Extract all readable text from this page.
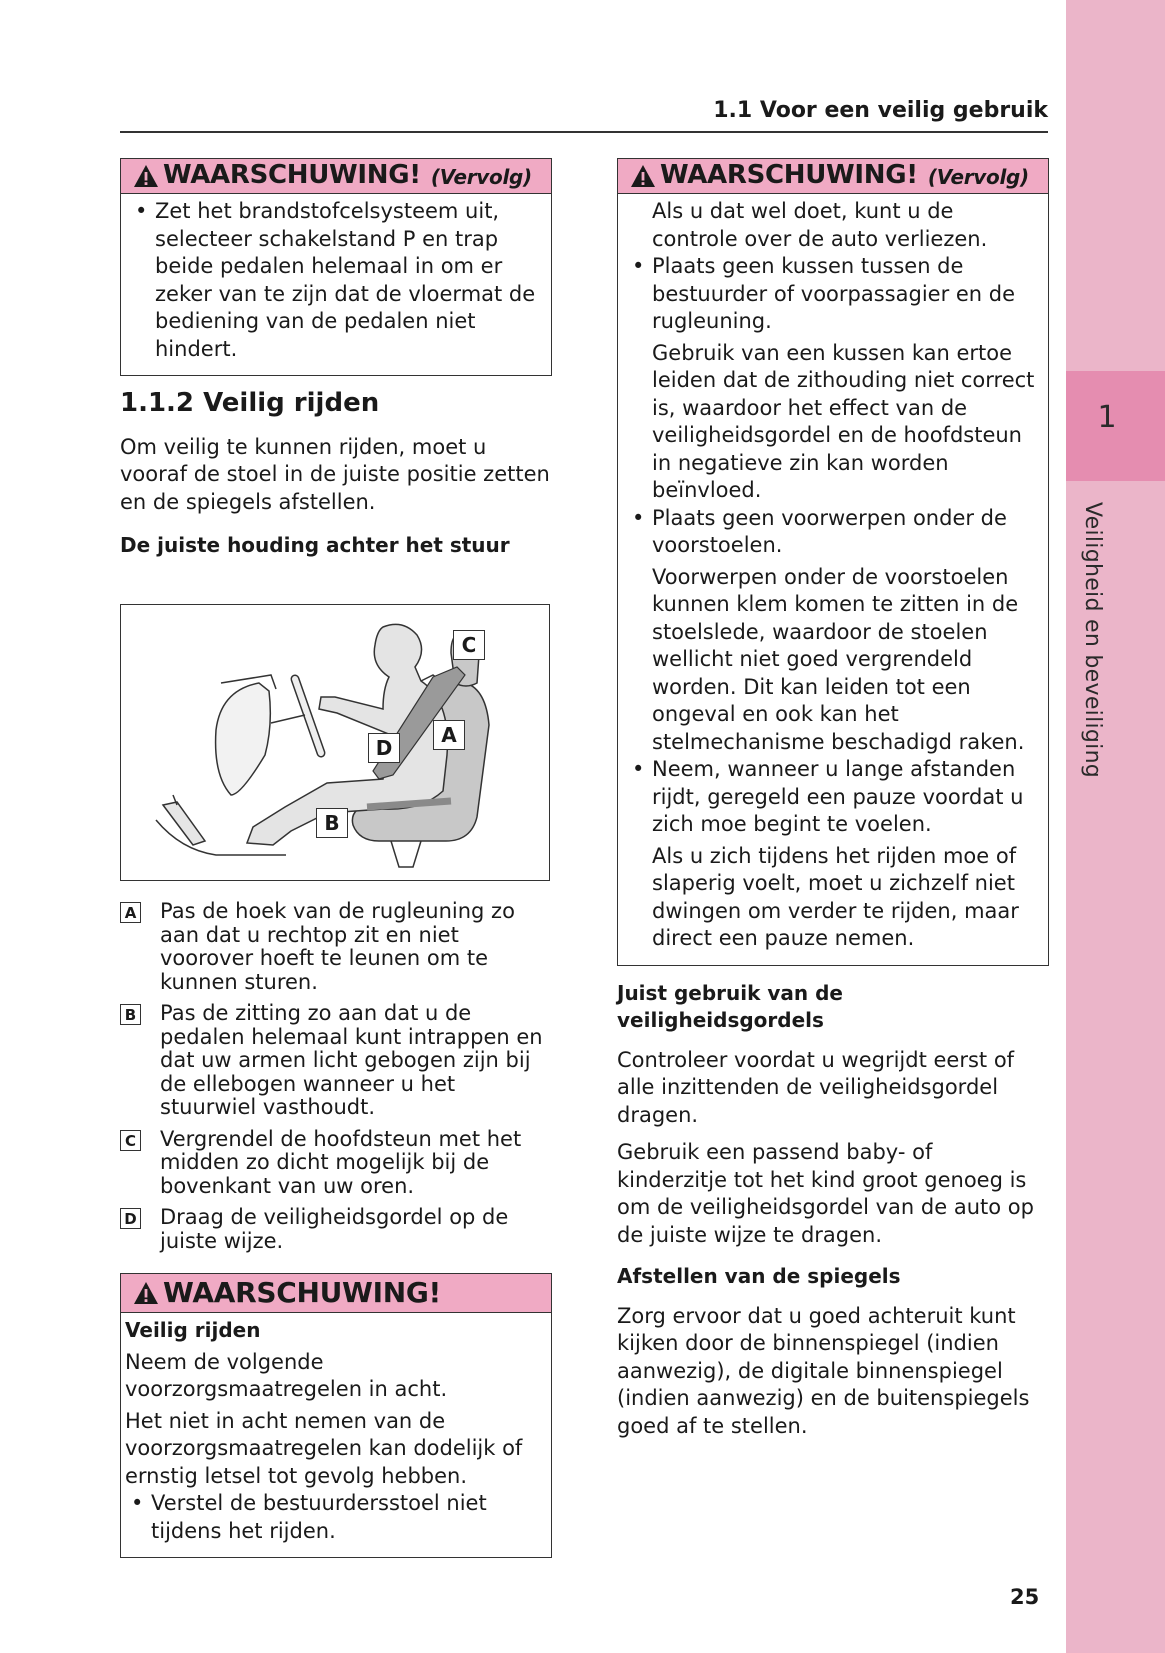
1
Veiligheid en beveiliging
1.1 Voor een veilig gebruik
WAARSCHUWING! (Vervolg)

• Zet het brandstofcelsysteem uit, selecteer schakelstand P en trap beide pedalen helemaal in om er zeker van te zijn dat de vloermat de bediening van de pedalen niet hindert.

1.1.2 Veilig rijden

Om veilig te kunnen rijden, moet u vooraf de stoel in de juiste positie zetten en de spiegels afstellen.

De juiste houding achter het stuur

C
A
D
B
A Pas de hoek van de rugleuning zo aan dat u rechtop zit en niet voorover hoeft te leunen om te kunnen sturen.
B Pas de zitting zo aan dat u de pedalen helemaal kunt intrappen en dat uw armen licht gebogen zijn bij de ellebogen wanneer u het stuurwiel vasthoudt.
C Vergrendel de hoofdsteun met het midden zo dicht mogelijk bij de bovenkant van uw oren.
D Draag de veiligheidsgordel op de juiste wijze.
WAARSCHUWING!

Veilig rijden

Neem de volgende voorzorgsmaatregelen in acht.

Het niet in acht nemen van de voorzorgsmaatregelen kan dodelijk of ernstig letsel tot gevolg hebben.

• Verstel de bestuurdersstoel niet tijdens het rijden.

WAARSCHUWING! (Vervolg)

Als u dat wel doet, kunt u de controle over de auto verliezen.

• Plaats geen kussen tussen de bestuurder of voorpassagier en de rugleuning.

Gebruik van een kussen kan ertoe leiden dat de zithouding niet correct is, waardoor het effect van de veiligheidsgordel en de hoofdsteun in negatieve zin kan worden beïnvloed.

• Plaats geen voorwerpen onder de voorstoelen.

Voorwerpen onder de voorstoelen kunnen klem komen te zitten in de stoelslede, waardoor de stoelen wellicht niet goed vergrendeld worden. Dit kan leiden tot een ongeval en ook kan het stelmechanisme beschadigd raken.

• Neem, wanneer u lange afstanden rijdt, geregeld een pauze voordat u zich moe begint te voelen.

Als u zich tijdens het rijden moe of slaperig voelt, moet u zichzelf niet dwingen om verder te rijden, maar direct een pauze nemen.

Juist gebruik van de veiligheidsgordels

Controleer voordat u wegrijdt eerst of alle inzittenden de veiligheidsgordel dragen.

Gebruik een passend baby- of kinderzitje tot het kind groot genoeg is om de veiligheidsgordel van de auto op de juiste wijze te dragen.

Afstellen van de spiegels

Zorg ervoor dat u goed achteruit kunt kijken door de binnenspiegel (indien aanwezig), de digitale binnenspiegel (indien aanwezig) en de buitenspiegels goed af te stellen.

25
